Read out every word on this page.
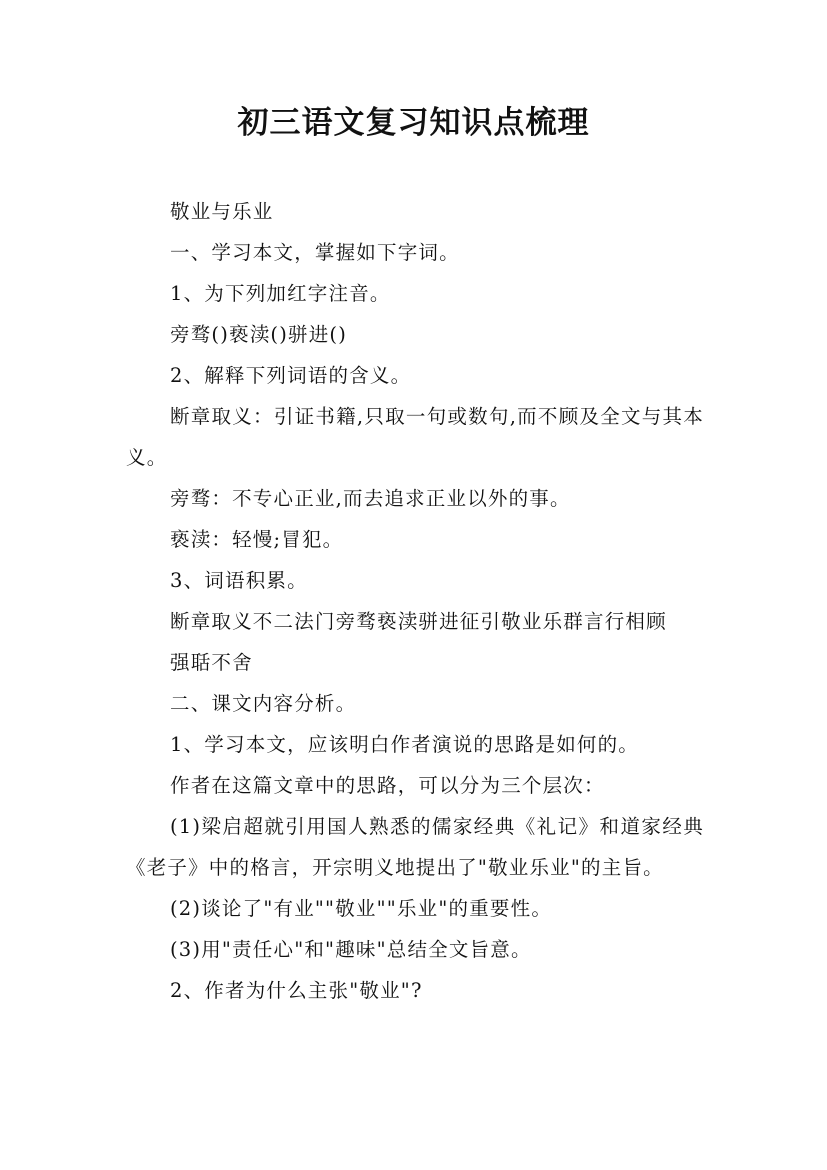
初三语文复习知识点梳理

敬业与乐业

一、学习本文，掌握如下字词。

1、为下列加红字注音。

旁骛()亵渎()骈进()

2、解释下列词语的含义。

断章取义：引证书籍,只取一句或数句,而不顾及全文与其本义。

旁骛：不专心正业,而去追求正业以外的事。

亵渎：轻慢;冒犯。

3、词语积累。

断章取义不二法门旁骛亵渎骈进征引敬业乐群言行相顾

强聒不舍

二、课文内容分析。

1、学习本文，应该明白作者演说的思路是如何的。

作者在这篇文章中的思路，可以分为三个层次：

(1)梁启超就引用国人熟悉的儒家经典《礼记》和道家经典《老子》中的格言，开宗明义地提出了"敬业乐业"的主旨。

(2)谈论了"有业""敬业""乐业"的重要性。

(3)用"责任心"和"趣味"总结全文旨意。

2、作者为什么主张"敬业"?
